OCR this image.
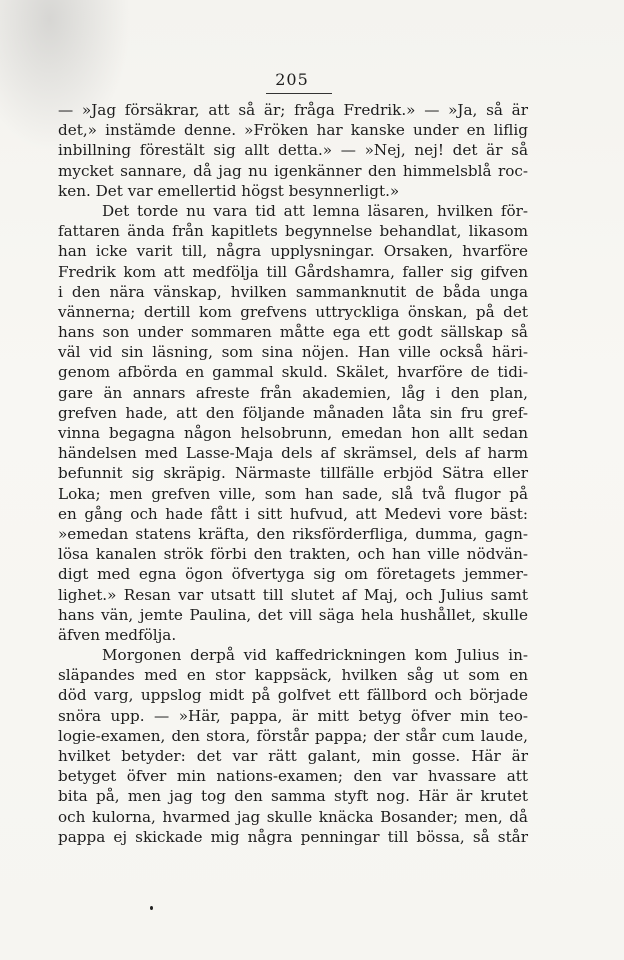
205
— »Jag försäkrar, att så är; fråga Fredrik.» — »Ja, så är
det,» instämde denne. »Fröken har kanske under en liflig
inbillning förestält sig allt detta.» — »Nej, nej! det är så
mycket sannare, då jag nu igenkänner den himmelsblå roc-
ken. Det var emellertid högst besynnerligt.»
Det torde nu vara tid att lemna läsaren, hvilken för-
fattaren ända från kapitlets begynnelse behandlat, likasom
han icke varit till, några upplysningar. Orsaken, hvarföre
Fredrik kom att medfölja till Gårdshamra, faller sig gifven
i den nära vänskap, hvilken sammanknutit de båda unga
vännerna; dertill kom grefvens uttryckliga önskan, på det
hans son under sommaren måtte ega ett godt sällskap så
väl vid sin läsning, som sina nöjen. Han ville också häri-
genom afbörda en gammal skuld. Skälet, hvarföre de tidi-
gare än annars afreste från akademien, låg i den plan,
grefven hade, att den följande månaden låta sin fru gref-
vinna begagna någon helsobrunn, emedan hon allt sedan
händelsen med Lasse-Maja dels af skrämsel, dels af harm
befunnit sig skräpig. Närmaste tillfälle erbjöd Sätra eller
Loka; men grefven ville, som han sade, slå två flugor på
en gång och hade fått i sitt hufvud, att Medevi vore bäst:
»emedan statens kräfta, den riksförderfliga, dumma, gagn-
lösa kanalen strök förbi den trakten, och han ville nödvän-
digt med egna ögon öfvertyga sig om företagets jemmer-
lighet.» Resan var utsatt till slutet af Maj, och Julius samt
hans vän, jemte Paulina, det vill säga hela hushållet, skulle
äfven medfölja.
Morgonen derpå vid kaffedrickningen kom Julius in-
släpandes med en stor kappsäck, hvilken såg ut som en
död varg, uppslog midt på golfvet ett fällbord och började
snöra upp. — »Här, pappa, är mitt betyg öfver min teo-
logie-examen, den stora, förstår pappa; der står cum laude,
hvilket betyder: det var rätt galant, min gosse. Här är
betyget öfver min nations-examen; den var hvassare att
bita på, men jag tog den samma styft nog. Här är krutet
och kulorna, hvarmed jag skulle knäcka Bosander; men, då
pappa ej skickade mig några penningar till bössa, så står
